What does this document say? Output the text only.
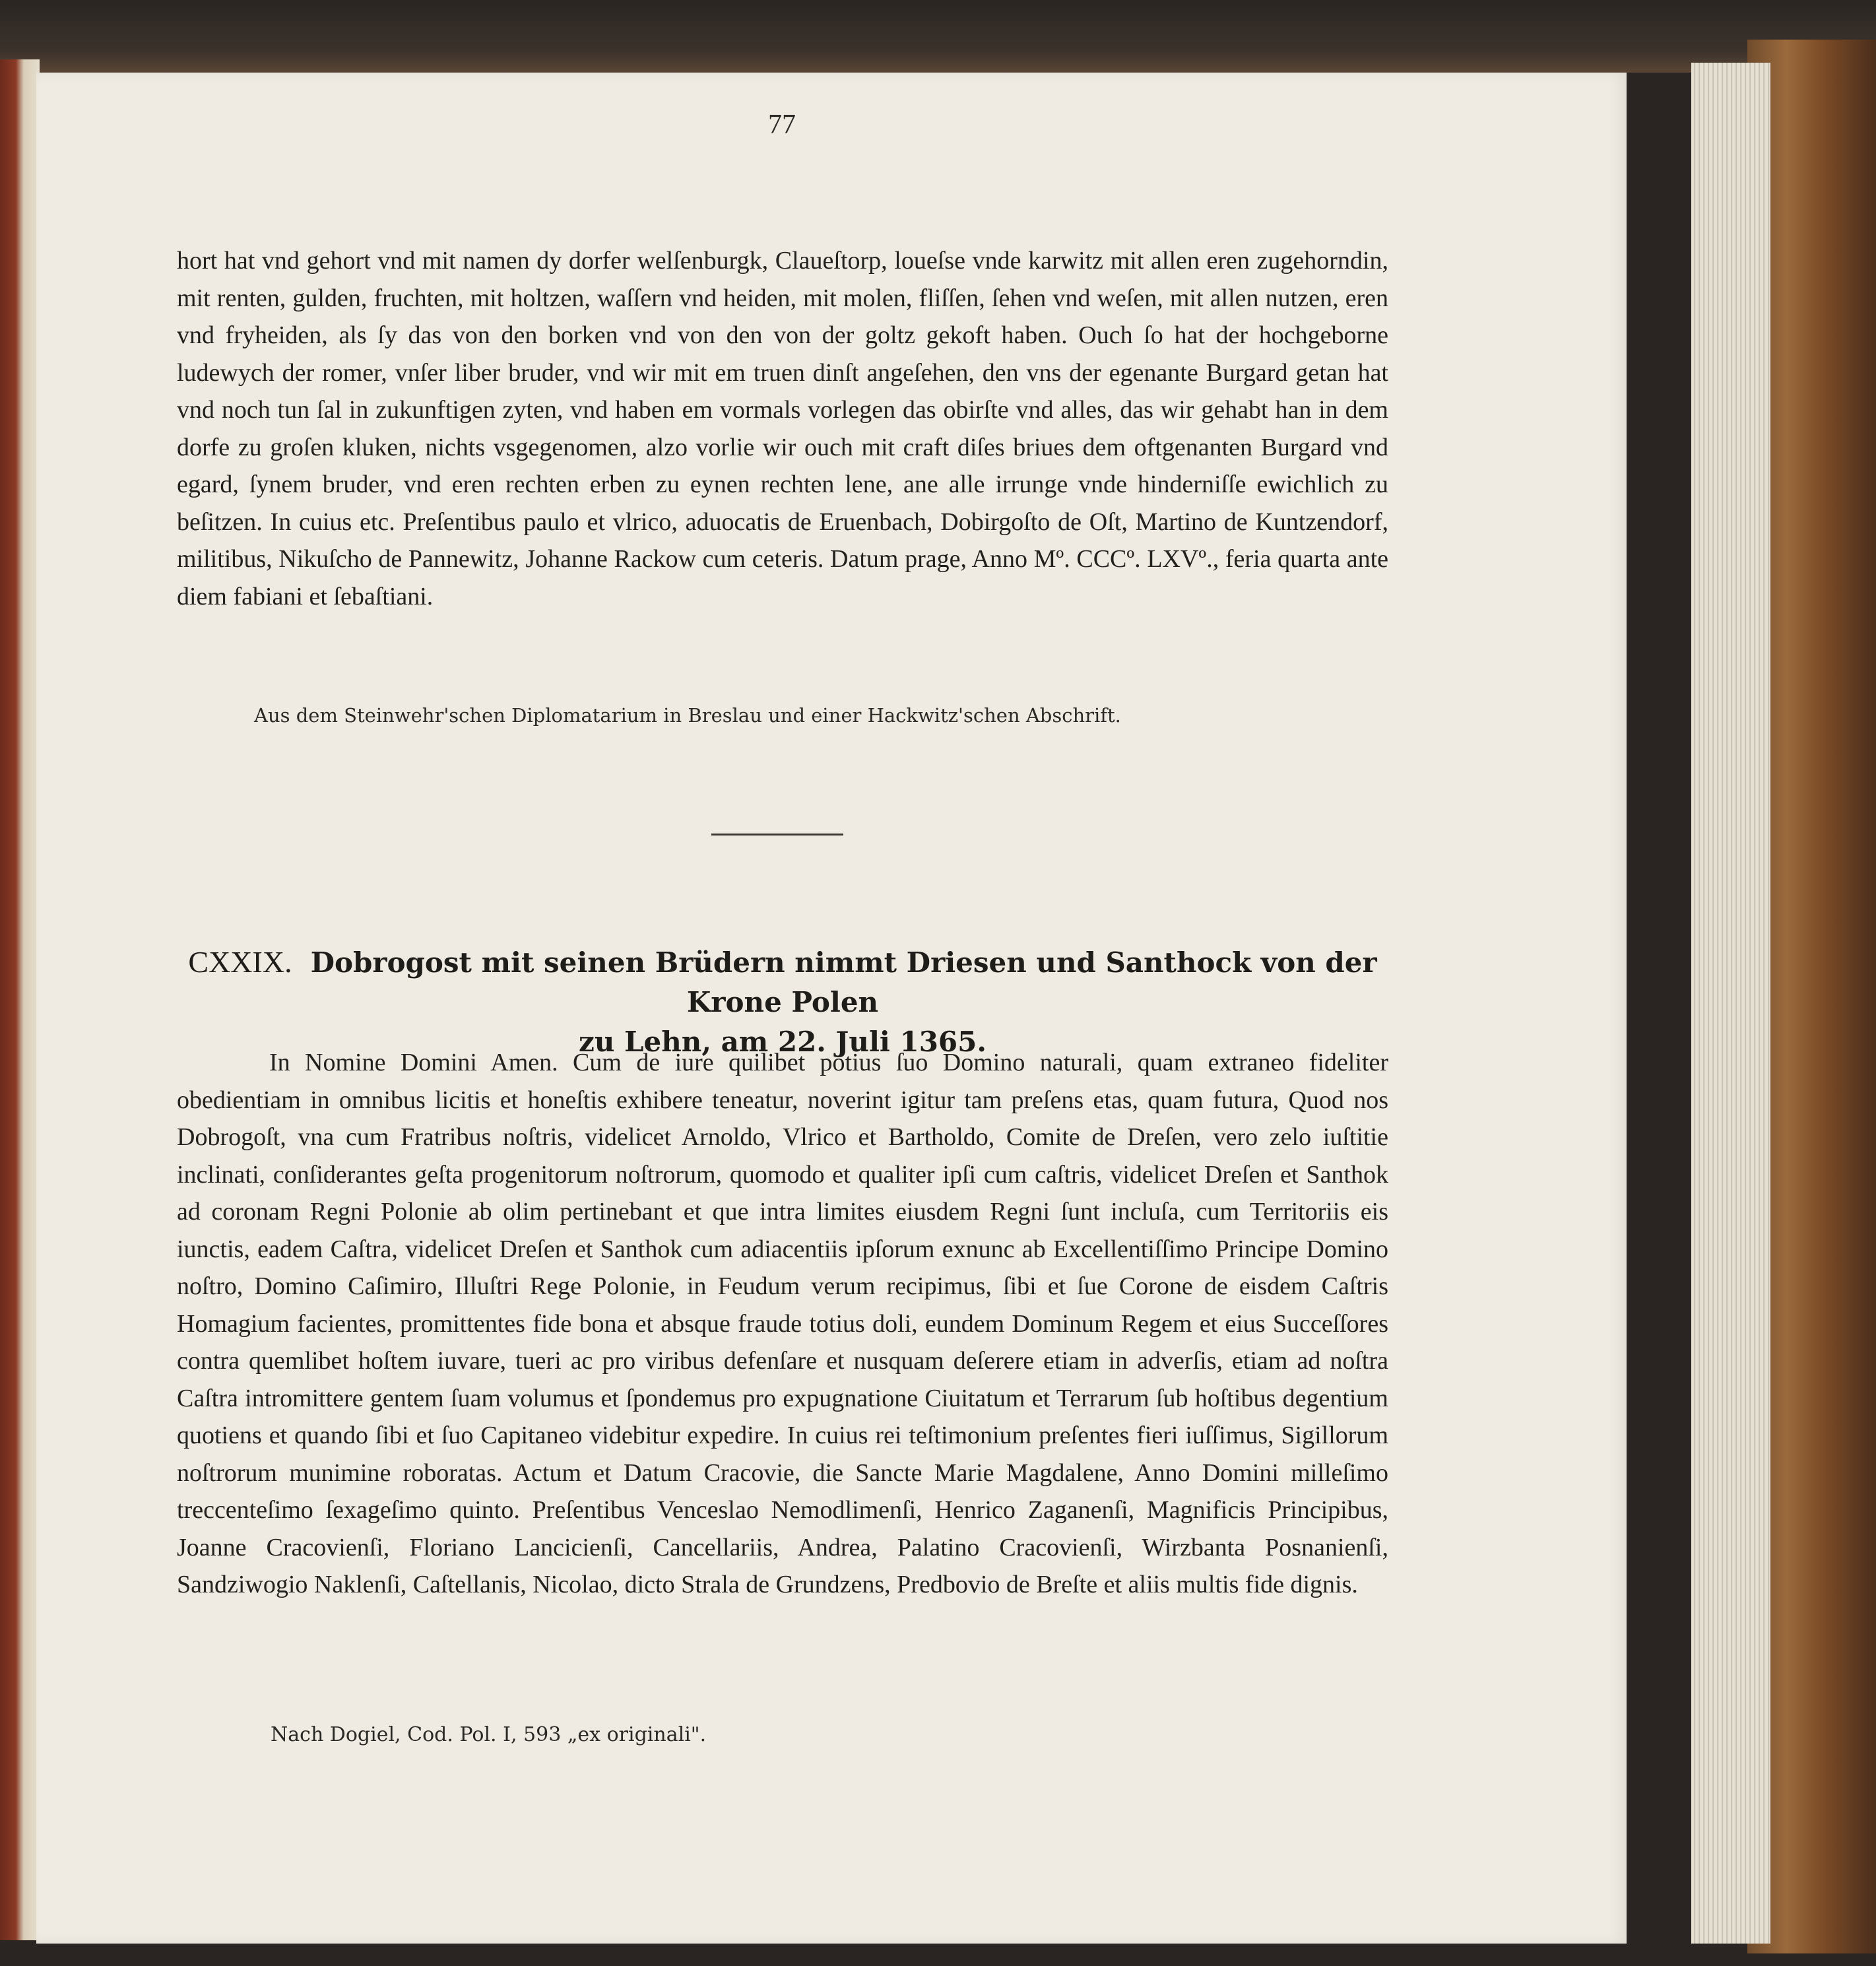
77

hort hat vnd gehort vnd mit namen dy dorfer welſenburgk, Claueſtorp, loueſse vnde karwitz mit allen eren zugehorndin, mit renten, gulden, fruchten, mit holtzen, waſſern vnd heiden, mit molen, fliſſen, ſehen vnd weſen, mit allen nutzen, eren vnd fryheiden, als ſy das von den borken vnd von den von der goltz gekoft haben. Ouch ſo hat der hochgeborne ludewych der romer, vnſer liber bruder, vnd wir mit em truen dinſt angeſehen, den vns der egenante Burgard getan hat vnd noch tun ſal in zukunftigen zyten, vnd haben em vormals vorlegen das obirſte vnd alles, das wir gehabt han in dem dorfe zu groſen kluken, nichts vsgegenomen, alzo vorlie wir ouch mit craft diſes briues dem oftgenanten Burgard vnd egard, ſynem bruder, vnd eren rechten erben zu eynen rechten lene, ane alle irrunge vnde hinderniſſe ewichlich zu beſitzen. In cuius etc. Preſentibus paulo et vlrico, aduocatis de Eruenbach, Dobirgoſto de Oſt, Martino de Kuntzendorf, militibus, Nikuſcho de Pannewitz, Johanne Rackow cum ceteris. Datum prage, Anno Mº. CCCº. LXVº., feria quarta ante diem fabiani et ſebaſtiani.

Aus dem Steinwehr'schen Diplomatarium in Breslau und einer Hackwitz'schen Abschrift.
CXXIX. Dobrogost mit seinen Brüdern nimmt Driesen und Santhock von der Krone Polen
zu Lehn, am 22. Juli 1365.

In Nomine Domini Amen. Cum de iure quilibet potius ſuo Domino naturali, quam extraneo fideliter obedientiam in omnibus licitis et honeſtis exhibere teneatur, noverint igitur tam preſens etas, quam futura, Quod nos Dobrogoſt, vna cum Fratribus noſtris, videlicet Arnoldo, Vlrico et Bartholdo, Comite de Dreſen, vero zelo iuſtitie inclinati, conſiderantes geſta progenitorum noſtrorum, quomodo et qualiter ipſi cum caſtris, videlicet Dreſen et Santhok ad coronam Regni Polonie ab olim pertinebant et que intra limites eiusdem Regni ſunt incluſa, cum Territoriis eis iunctis, eadem Caſtra, videlicet Dreſen et Santhok cum adiacentiis ipſorum exnunc ab Excellentiſſimo Principe Domino noſtro, Domino Caſimiro, Illuſtri Rege Polonie, in Feudum verum recipimus, ſibi et ſue Corone de eisdem Caſtris Homagium facientes, promittentes fide bona et absque fraude totius doli, eundem Dominum Regem et eius Succeſſores contra quemlibet hoſtem iuvare, tueri ac pro viribus defenſare et nusquam deſerere etiam in adverſis, etiam ad noſtra Caſtra intromittere gentem ſuam volumus et ſpondemus pro expugnatione Ciuitatum et Terrarum ſub hoſtibus degentium quotiens et quando ſibi et ſuo Capitaneo videbitur expedire. In cuius rei teſtimonium preſentes fieri iuſſimus, Sigillorum noſtrorum munimine roboratas. Actum et Datum Cracovie, die Sancte Marie Magdalene, Anno Domini milleſimo treccenteſimo ſexageſimo quinto. Preſentibus Venceslao Nemodlimenſi, Henrico Zaganenſi, Magnificis Principibus, Joanne Cracovienſi, Floriano Lancicienſi, Cancellariis, Andrea, Palatino Cracovienſi, Wirzbanta Posnanienſi, Sandziwogio Naklenſi, Caſtellanis, Nicolao, dicto Strala de Grundzens, Predbovio de Breſte et aliis multis fide dignis.

Nach Dogiel, Cod. Pol. I, 593 „ex originali".
